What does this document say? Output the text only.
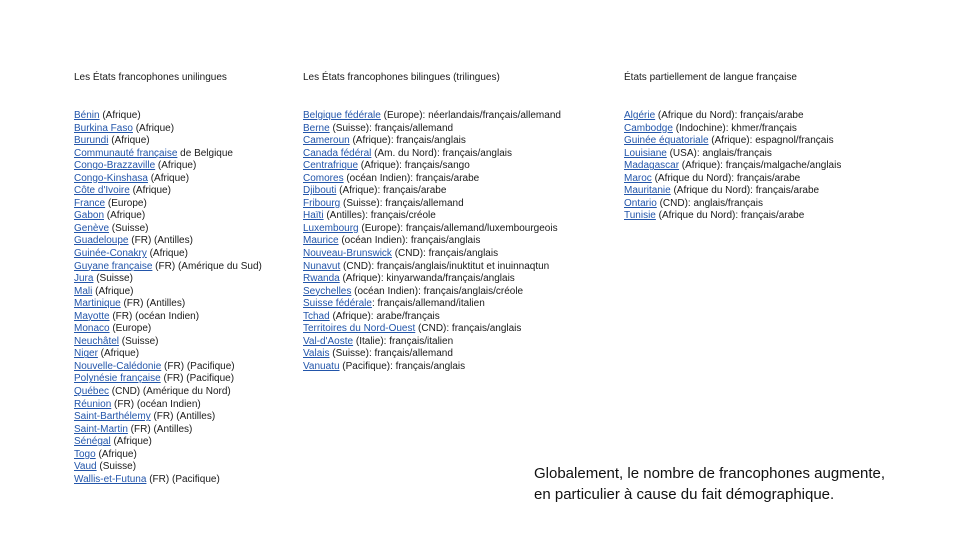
Les États francophones unilingues
Bénin (Afrique)
Burkina Faso (Afrique)
Burundi (Afrique)
Communauté française de Belgique
Congo-Brazzaville (Afrique)
Congo-Kinshasa (Afrique)
Côte d'Ivoire (Afrique)
France (Europe)
Gabon (Afrique)
Genève (Suisse)
Guadeloupe (FR) (Antilles)
Guinée-Conakry (Afrique)
Guyane française (FR) (Amérique du Sud)
Jura (Suisse)
Mali (Afrique)
Martinique (FR) (Antilles)
Mayotte (FR) (océan Indien)
Monaco (Europe)
Neuchâtel (Suisse)
Niger (Afrique)
Nouvelle-Calédonie (FR) (Pacifique)
Polynésie française (FR) (Pacifique)
Québec (CND) (Amérique du Nord)
Réunion (FR) (océan Indien)
Saint-Barthélemy (FR) (Antilles)
Saint-Martin (FR) (Antilles)
Sénégal (Afrique)
Togo (Afrique)
Vaud (Suisse)
Wallis-et-Futuna (FR) (Pacifique)
Les États francophones bilingues (trilingues)
Belgique fédérale (Europe): néerlandais/français/allemand
Berne (Suisse): français/allemand
Cameroun (Afrique): français/anglais
Canada fédéral (Am. du Nord): français/anglais
Centrafrique (Afrique): français/sango
Comores (océan Indien): français/arabe
Djibouti (Afrique): français/arabe
Fribourg (Suisse): français/allemand
Haïti (Antilles): français/créole
Luxembourg (Europe): français/allemand/luxembourgeois
Maurice (océan Indien): français/anglais
Nouveau-Brunswick (CND): français/anglais
Nunavut (CND): français/anglais/inuktitut et inuinnaqtun
Rwanda (Afrique): kinyarwanda/français/anglais
Seychelles (océan Indien): français/anglais/créole
Suisse fédérale: français/allemand/italien
Tchad (Afrique): arabe/français
Territoires du Nord-Ouest (CND): français/anglais
Val-d'Aoste (Italie): français/italien
Valais (Suisse): français/allemand
Vanuatu (Pacifique): français/anglais
États partiellement de langue française
Algérie (Afrique du Nord): français/arabe
Cambodge (Indochine): khmer/français
Guinée équatoriale (Afrique): espagnol/français
Louisiane (USA): anglais/français
Madagascar (Afrique): français/malgache/anglais
Maroc (Afrique du Nord): français/arabe
Mauritanie (Afrique du Nord): français/arabe
Ontario (CND): anglais/français
Tunisie (Afrique du Nord): français/arabe
Globalement, le nombre de francophones augmente,
en particulier à cause du fait démographique.
